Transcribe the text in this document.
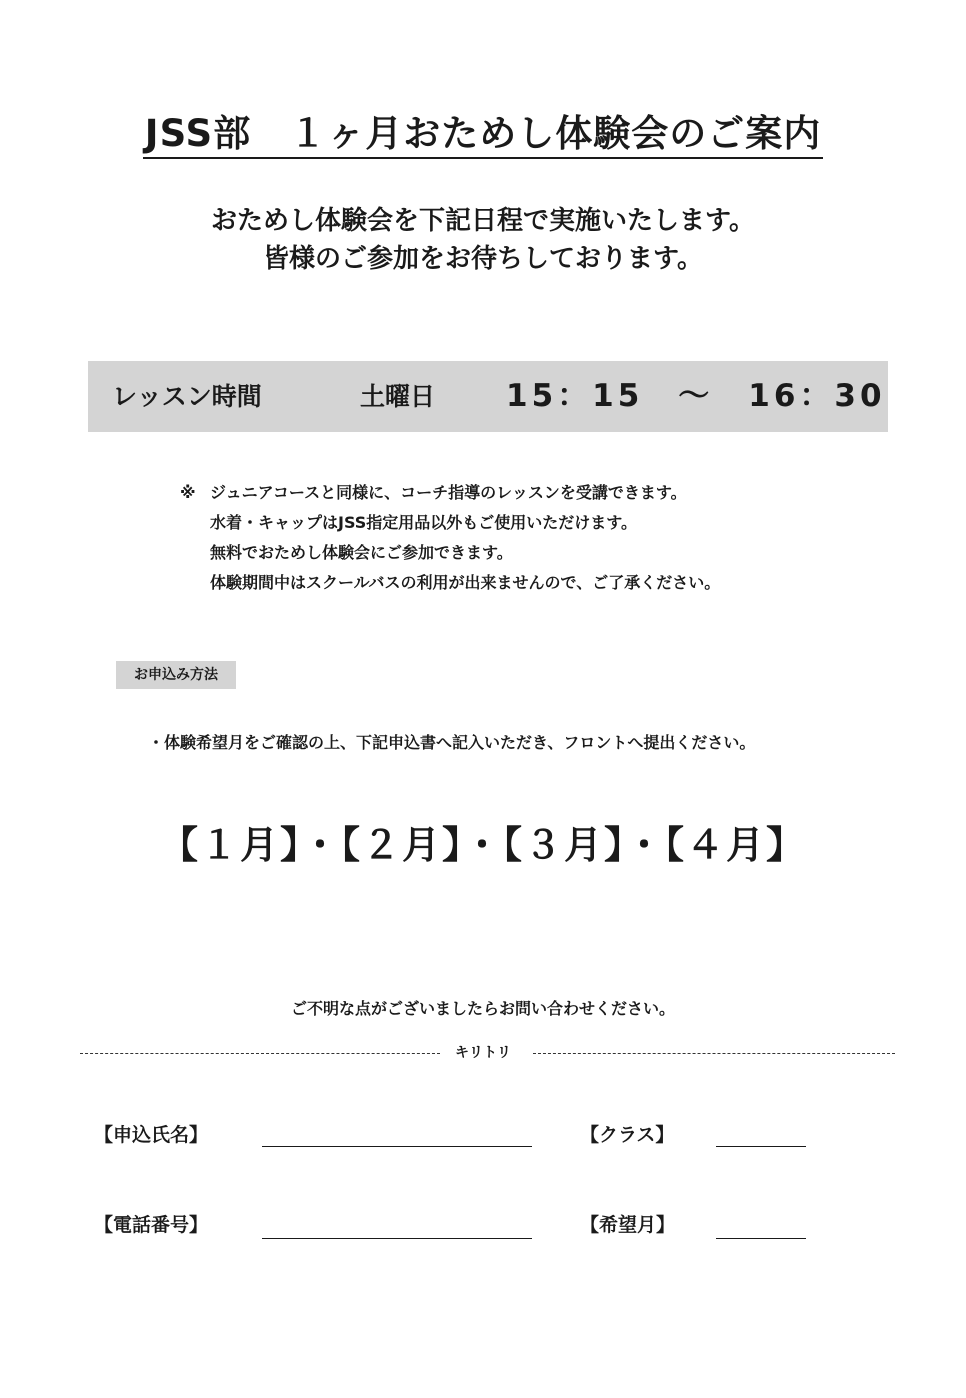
JSS部　１ヶ月おためし体験会のご案内
おためし体験会を下記日程で実施いたします。
皆様のご参加をお待ちしております。
レッスン時間	土曜日 15：15　～　16：30
※ ジュニアコースと同様に、コーチ指導のレッスンを受講できます。
水着・キャップはJSS指定用品以外もご使用いただけます。
無料でおためし体験会にご参加できます。
体験期間中はスクールバスの利用が出来ませんので、ご了承ください。
お申込み方法
・体験希望月をご確認の上、下記申込書へ記入いただき、フロントへ提出ください。
【１月】・【２月】・【３月】・【４月】
ご不明な点がございましたらお問い合わせください。
キリトリ
【申込氏名】	【クラス】
【電話番号】	【希望月】
